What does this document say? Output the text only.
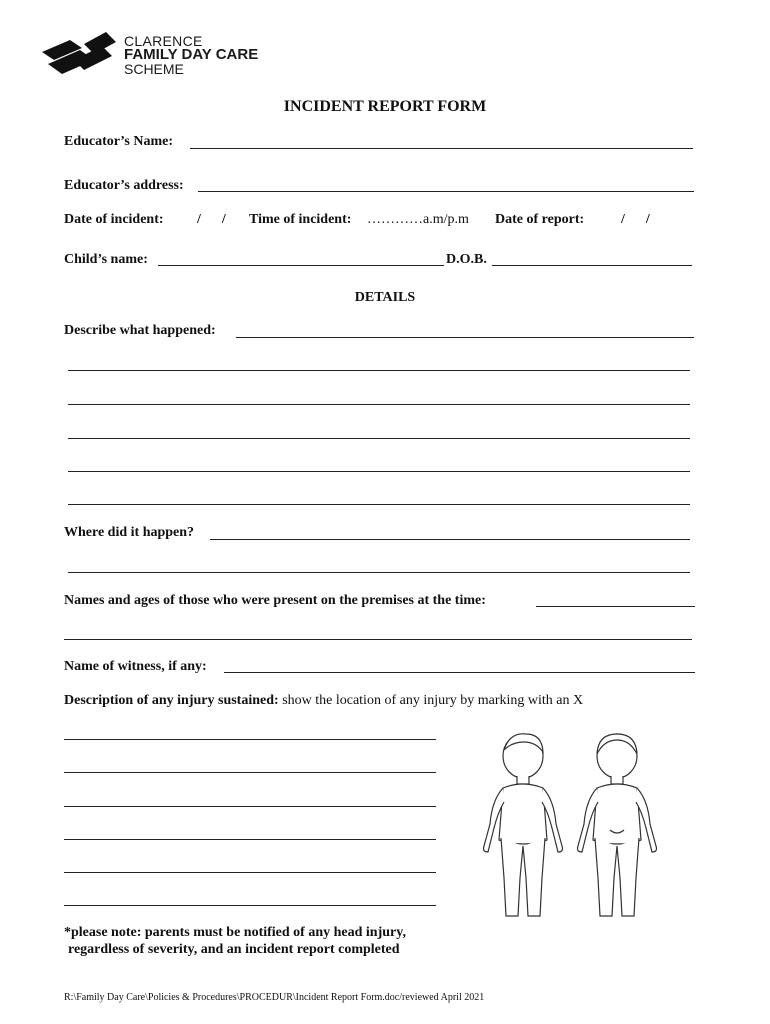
CLARENCE
FAMILY DAY CARE
SCHEME
INCIDENT REPORT FORM
Educator’s Name:
Educator’s address:
Date of incident: /      / Time of incident: …………a.m/p.m Date of report:	/      /
Child’s name:	D.O.B.
DETAILS
Describe what happened:
Where did it happen?
Names and ages of those who were present on the premises at the time:
Name of witness, if any:
Description of any injury sustained: show the location of any injury by marking with an X
*please note: parents must be notified of any head injury,
regardless of severity, and an incident report completed
R:\Family Day Care\Policies & Procedures\PROCEDUR\Incident Report Form.doc/reviewed April 2021
